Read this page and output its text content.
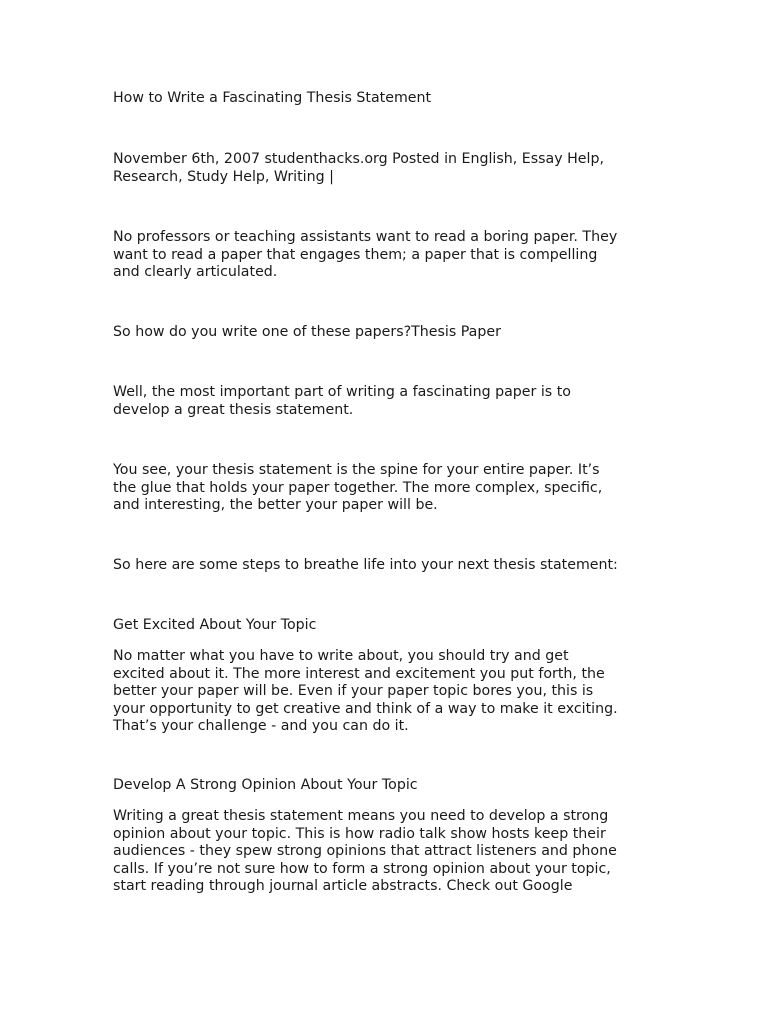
How to Write a Fascinating Thesis Statement
November 6th, 2007 studenthacks.org Posted in English, Essay Help,
Research, Study Help, Writing |
No professors or teaching assistants want to read a boring paper. They
want to read a paper that engages them; a paper that is compelling
and clearly articulated.
So how do you write one of these papers?Thesis Paper
Well, the most important part of writing a fascinating paper is to
develop a great thesis statement.
You see, your thesis statement is the spine for your entire paper. It’s
the glue that holds your paper together. The more complex, specific,
and interesting, the better your paper will be.
So here are some steps to breathe life into your next thesis statement:
Get Excited About Your Topic
No matter what you have to write about, you should try and get
excited about it. The more interest and excitement you put forth, the
better your paper will be. Even if your paper topic bores you, this is
your opportunity to get creative and think of a way to make it exciting.
That’s your challenge - and you can do it.
Develop A Strong Opinion About Your Topic
Writing a great thesis statement means you need to develop a strong
opinion about your topic. This is how radio talk show hosts keep their
audiences - they spew strong opinions that attract listeners and phone
calls. If you’re not sure how to form a strong opinion about your topic,
start reading through journal article abstracts. Check out Google
